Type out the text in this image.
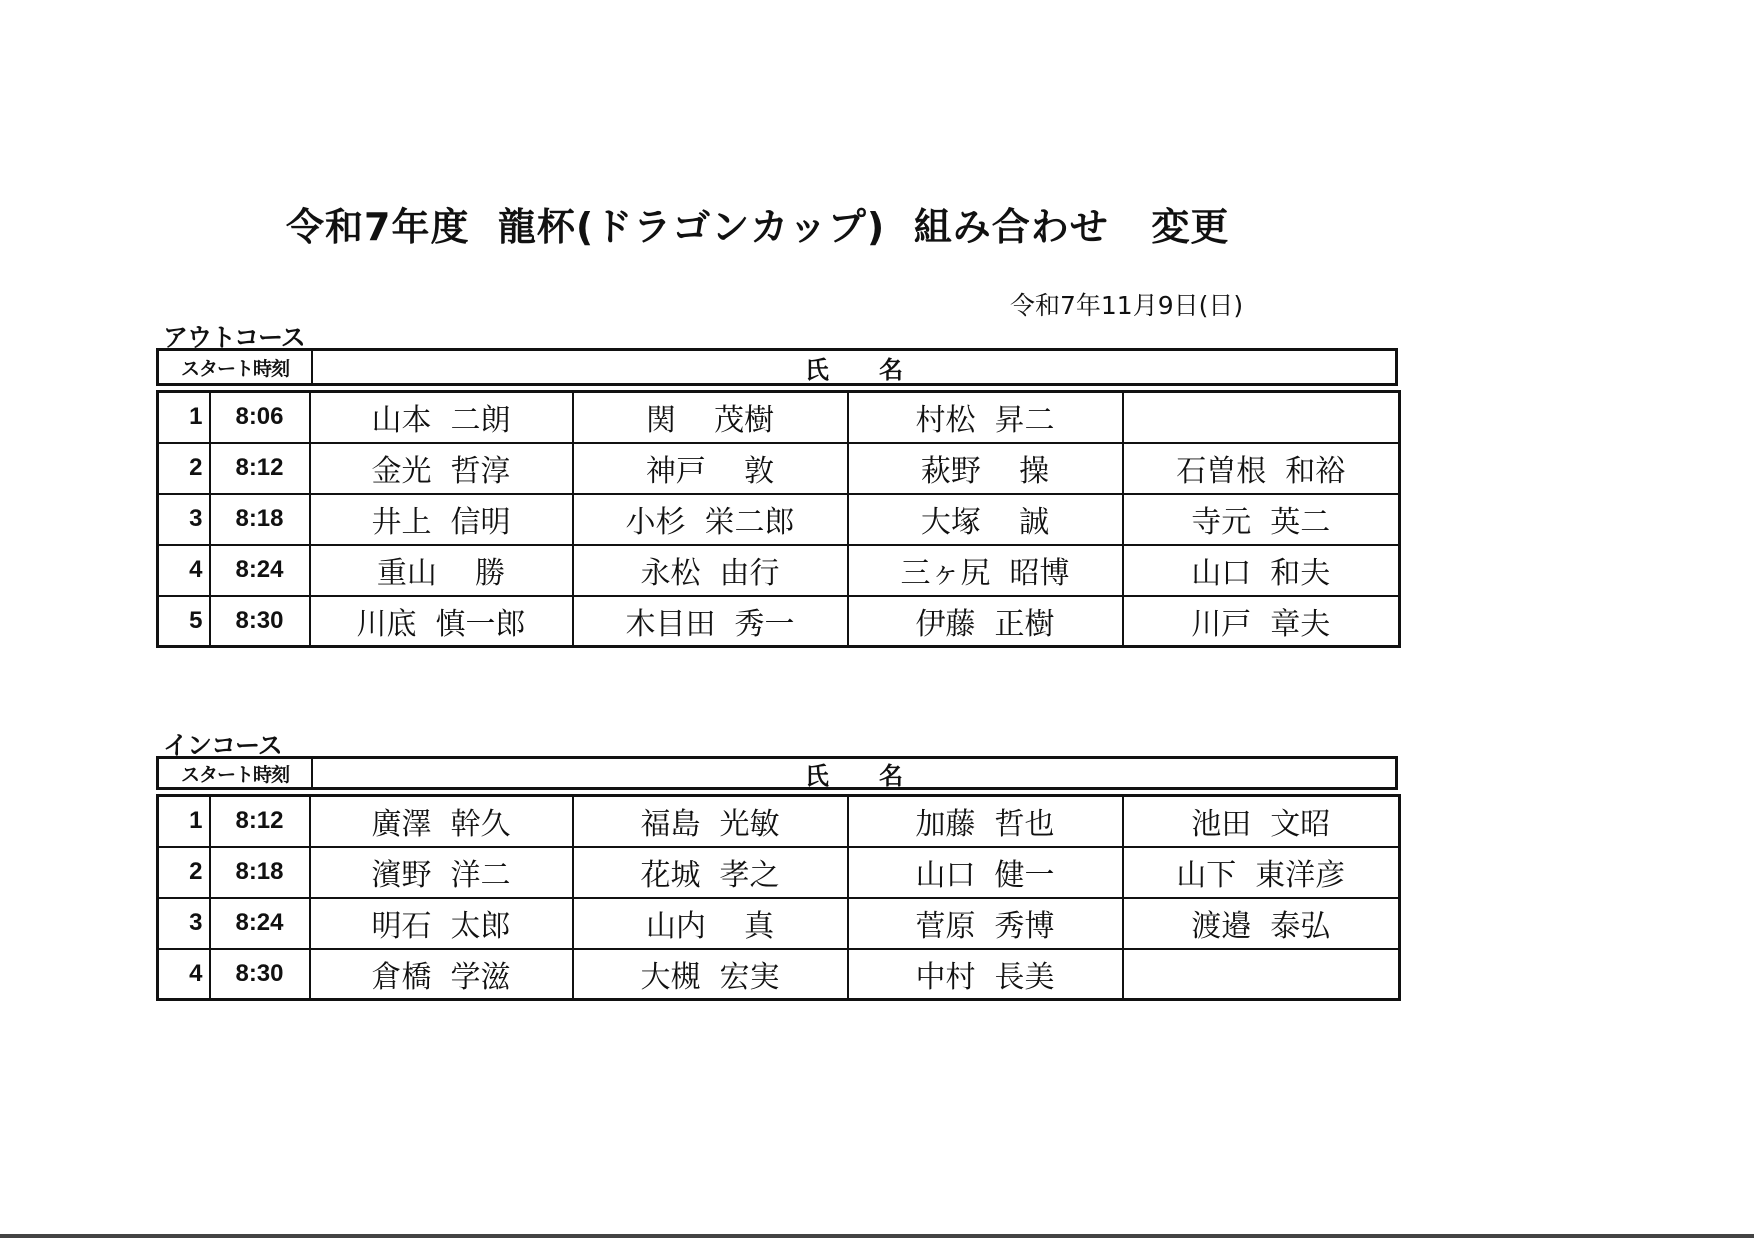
令和7年度  龍杯(ドラゴンカップ)  組み合わせ   変更
令和7年11月9日(日)
アウトコース
スタート時刻	氏      名
1	8:06	山本  二朗	関    茂樹	村松  昇二	
2	8:12	金光  哲淳	神戸    敦	萩野    操	石曽根  和裕
3	8:18	井上  信明	小杉  栄二郎	大塚    誠	寺元  英二
4	8:24	重山    勝	永松  由行	三ヶ尻  昭博	山口  和夫
5	8:30	川底  慎一郎	木目田  秀一	伊藤  正樹	川戸  章夫
インコース
スタート時刻	氏      名
1	8:12	廣澤  幹久	福島  光敏	加藤  哲也	池田  文昭
2	8:18	濱野  洋二	花城  孝之	山口  健一	山下  東洋彦
3	8:24	明石  太郎	山内    真	菅原  秀博	渡邉  泰弘
4	8:30	倉橋  学滋	大槻  宏実	中村  長美	
